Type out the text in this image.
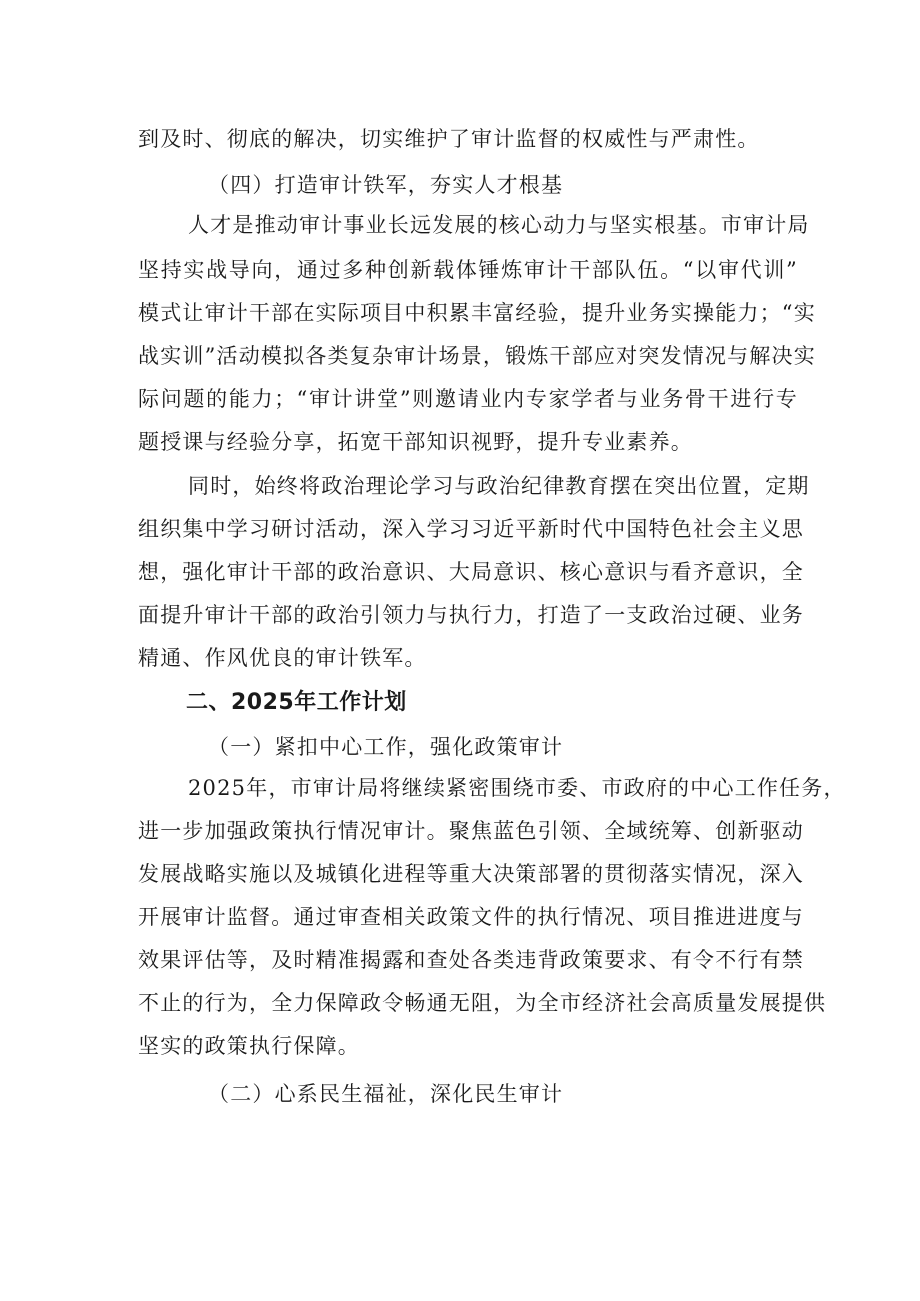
到及时、彻底的解决，切实维护了审计监督的权威性与严肃性。
（四）打造审计铁军，夯实人才根基
人才是推动审计事业长远发展的核心动力与坚实根基。市审计局
坚持实战导向，通过多种创新载体锤炼审计干部队伍。“以审代训”
模式让审计干部在实际项目中积累丰富经验，提升业务实操能力；“实
战实训”活动模拟各类复杂审计场景，锻炼干部应对突发情况与解决实
际问题的能力；“审计讲堂”则邀请业内专家学者与业务骨干进行专
题授课与经验分享，拓宽干部知识视野，提升专业素养。
同时，始终将政治理论学习与政治纪律教育摆在突出位置，定期
组织集中学习研讨活动，深入学习习近平新时代中国特色社会主义思
想，强化审计干部的政治意识、大局意识、核心意识与看齐意识，全
面提升审计干部的政治引领力与执行力，打造了一支政治过硬、业务
精通、作风优良的审计铁军。
二、2025年工作计划
（一）紧扣中心工作，强化政策审计
2025年，市审计局将继续紧密围绕市委、市政府的中心工作任务，
进一步加强政策执行情况审计。聚焦蓝色引领、全域统筹、创新驱动
发展战略实施以及城镇化进程等重大决策部署的贯彻落实情况，深入
开展审计监督。通过审查相关政策文件的执行情况、项目推进进度与
效果评估等，及时精准揭露和查处各类违背政策要求、有令不行有禁
不止的行为，全力保障政令畅通无阻，为全市经济社会高质量发展提供
坚实的政策执行保障。
（二）心系民生福祉，深化民生审计
